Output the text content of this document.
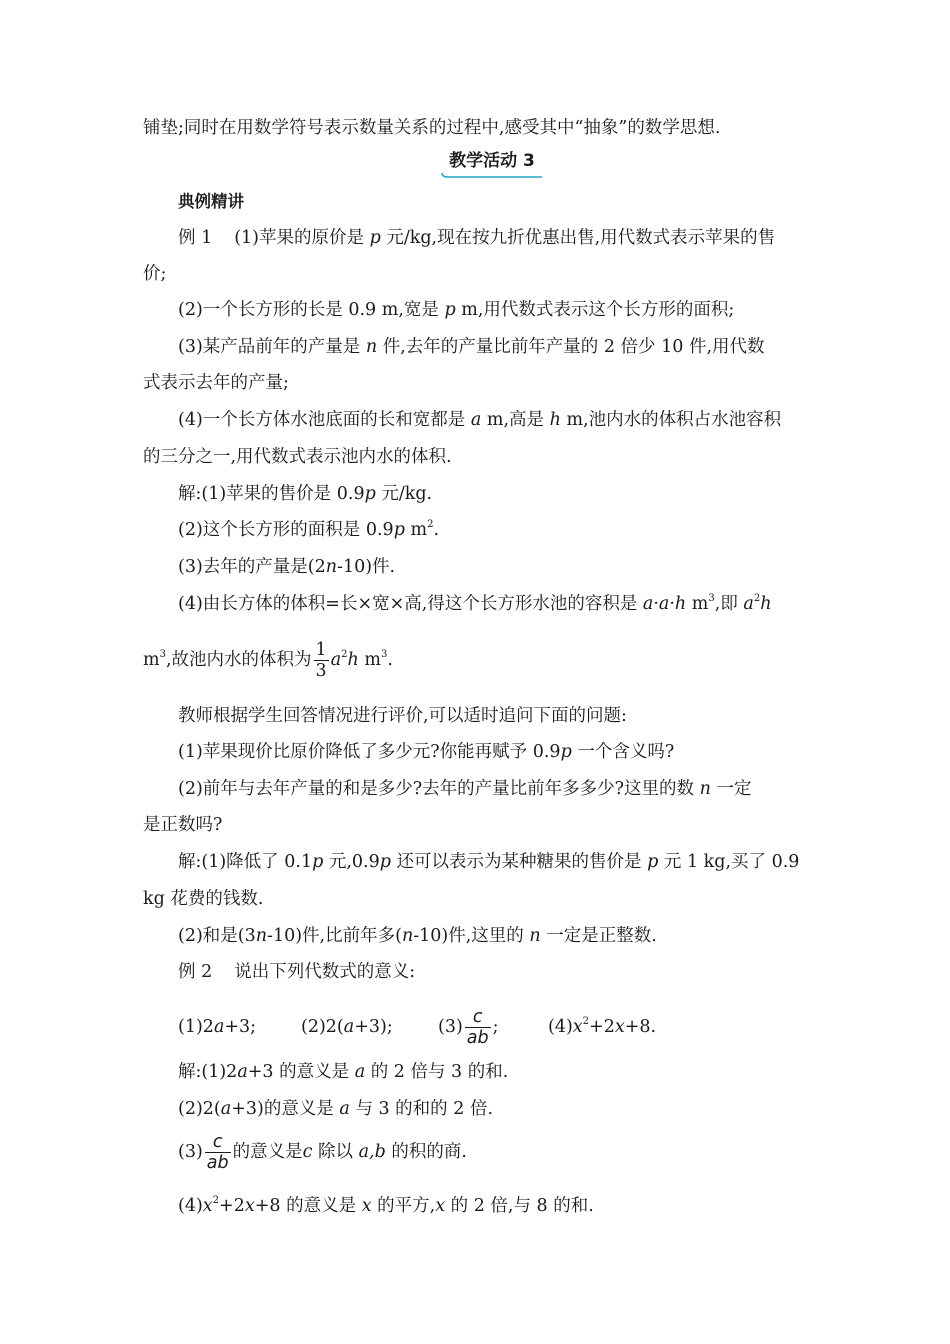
铺垫;同时在用数学符号表示数量关系的过程中,感受其中“抽象”的数学思想.
教学活动 3
典例精讲
例 1 (1)苹果的原价是 p 元/kg,现在按九折优惠出售,用代数式表示苹果的售
价;
(2)一个长方形的长是 0.9 m,宽是 p m,用代数式表示这个长方形的面积;
(3)某产品前年的产量是 n 件,去年的产量比前年产量的 2 倍少 10 件,用代数
式表示去年的产量;
(4)一个长方体水池底面的长和宽都是 a m,高是 h m,池内水的体积占水池容积
的三分之一,用代数式表示池内水的体积.
解:(1)苹果的售价是 0.9p 元/kg.
(2)这个长方形的面积是 0.9p $m^2$.
(3)去年的产量是(2n-10)件.
(4)由长方体的体积=长×宽×高,得这个长方形水池的容积是 a·a·h $m^3$,即 $a^2h$
$m^3$,故池内水的体积为 $\frac{1}{3} a^2h$ $m^3$.
教师根据学生回答情况进行评价,可以适时追问下面的问题:
(1)苹果现价比原价降低了多少元?你能再赋予 0.9p 一个含义吗?
(2)前年与去年产量的和是多少?去年的产量比前年多多少?这里的数 n 一定
是正数吗?
解:(1)降低了 0.1p 元,0.9p 还可以表示为某种糖果的售价是 p 元 1 kg,买了 0.9
kg 花费的钱数.
(2)和是(3n-10)件,比前年多(n-10)件,这里的 n 一定是正整数.
例 2 说出下列代数式的意义:
(1)2a+3;	(2)2(a+3);	$(3) \frac{c}{ab}$ ;	$(4)x^2+2x+8$.
解:(1)2a+3 的意义是 a 的 2 倍与 3 的和.
(2)2(a+3)的意义是 a 与 3 的和的 2 倍.
$(3) \frac{c}{ab}$ 的意义是c 除以 a,b 的积的商.
$(4)x^2+2x+8$ 的意义是 x 的平方,x 的 2 倍,与 8 的和.
